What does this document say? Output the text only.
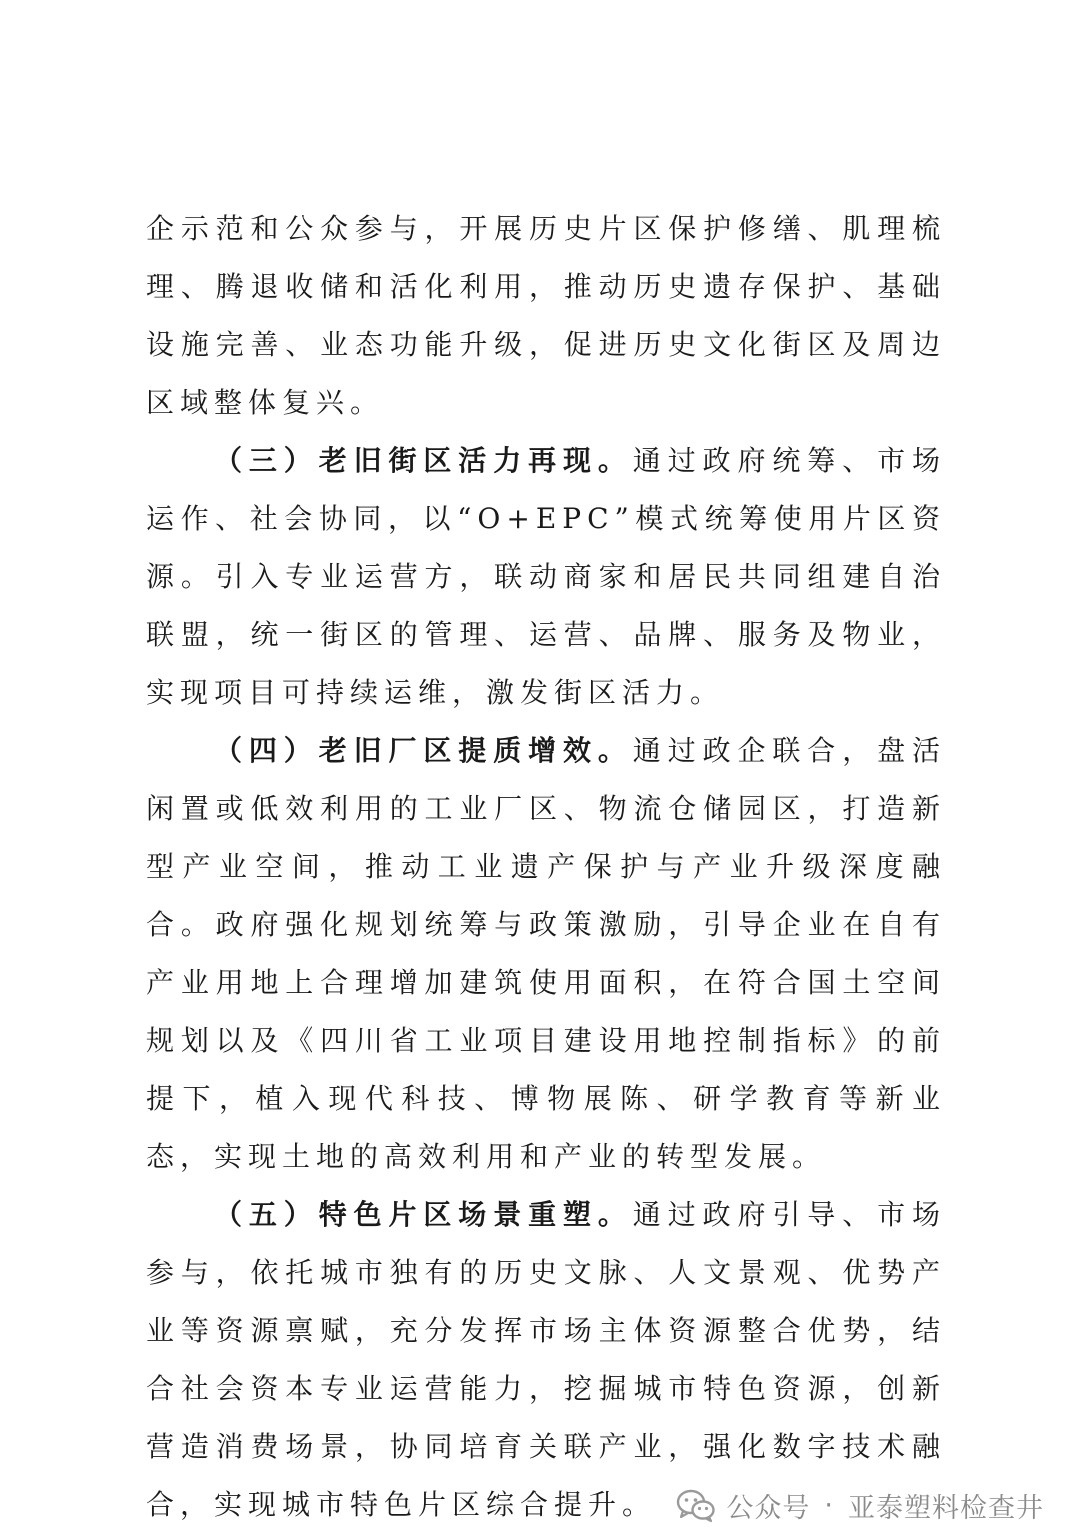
企示范和公众参与，开展历史片区保护修缮、肌理梳理、腾退收储和活化利用，推动历史遗存保护、基础设施完善、业态功能升级，促进历史文化街区及周边区域整体复兴。

（三）老旧街区活力再现。通过政府统筹、市场运作、社会协同，以“O+EPC”模式统筹使用片区资源。引入专业运营方，联动商家和居民共同组建自治联盟，统一街区的管理、运营、品牌、服务及物业，实现项目可持续运维，激发街区活力。

（四）老旧厂区提质增效。通过政企联合，盘活闲置或低效利用的工业厂区、物流仓储园区，打造新型产业空间，推动工业遗产保护与产业升级深度融合。政府强化规划统筹与政策激励，引导企业在自有产业用地上合理增加建筑使用面积，在符合国土空间规划以及《四川省工业项目建设用地控制指标》的前提下，植入现代科技、博物展陈、研学教育等新业态，实现土地的高效利用和产业的转型发展。

（五）特色片区场景重塑。通过政府引导、市场参与，依托城市独有的历史文脉、人文景观、优势产业等资源禀赋，充分发挥市场主体资源整合优势，结合社会资本专业运营能力，挖掘城市特色资源，创新营造消费场景，协同培育关联产业，强化数字技术融合，实现城市特色片区综合提升。	公众号 · 亚泰塑料检查井
